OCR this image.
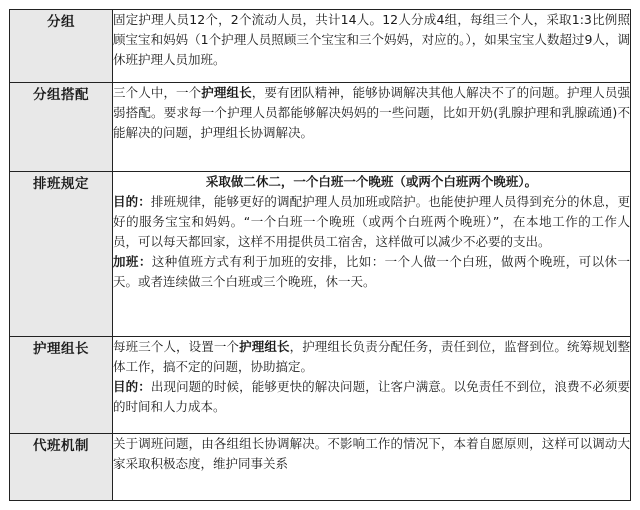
分组	固定护理人员12个，2个流动人员，共计14人。12人分成4组，每组三个人，采取1:3比例照顾宝宝和妈妈（1个护理人员照顾三个宝宝和三个妈妈，对应的。），如果宝宝人数超过9人，调休班护理人员加班。

分组搭配	三个人中，一个护理组长，要有团队精神，能够协调解决其他人解决不了的问题。护理人员强弱搭配。要求每一个护理人员都能够解决妈妈的一些问题，比如开奶(乳腺护理和乳腺疏通)不能解决的问题，护理组长协调解决。

排班规定	采取做二休二，一个白班一个晚班（或两个白班两个晚班）。
目的：排班规律，能够更好的调配护理人员加班或陪护。也能使护理人员得到充分的休息，更好的服务宝宝和妈妈。“一个白班一个晚班（或两个白班两个晚班）”，在本地工作的工作人员，可以每天都回家，这样不用提供员工宿舍，这样做可以减少不必要的支出。
加班：这种值班方式有利于加班的安排，比如：一个人做一个白班，做两个晚班，可以休一天。或者连续做三个白班或三个晚班，休一天。

护理组长	每班三个人，设置一个护理组长，护理组长负责分配任务，责任到位，监督到位。统筹规划整体工作，搞不定的问题，协助搞定。
目的：出现问题的时候，能够更快的解决问题，让客户满意。以免责任不到位，浪费不必须要的时间和人力成本。

代班机制	关于调班问题，由各组组长协调解决。不影响工作的情况下，本着自愿原则，这样可以调动大家采取积极态度，维护同事关系
